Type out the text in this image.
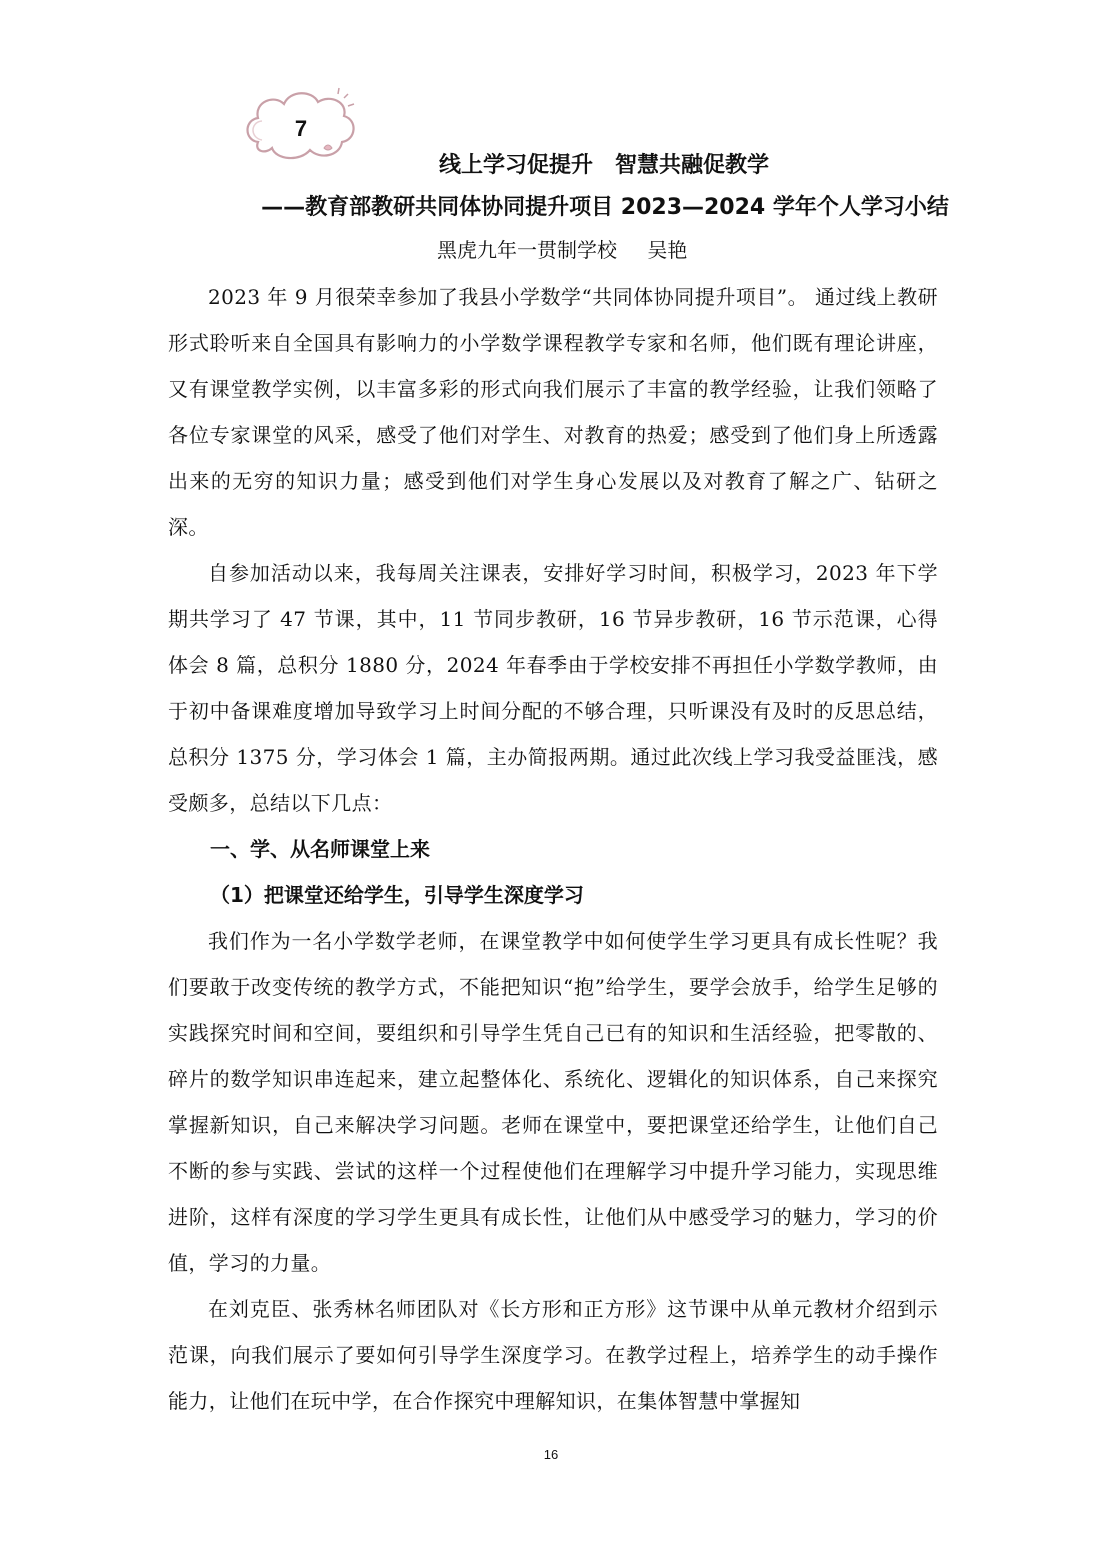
7
线上学习促提升　智慧共融促教学
——教育部教研共同体协同提升项目 2023—2024 学年个人学习小结
黑虎九年一贯制学校 吴艳

2023 年 9 月很荣幸参加了我县小学数学“共同体协同提升项目”。 通过线上教研形式聆听来自全国具有影响力的小学数学课程教学专家和名师，他们既有理论讲座，又有课堂教学实例，以丰富多彩的形式向我们展示了丰富的教学经验，让我们领略了各位专家课堂的风采，感受了他们对学生、对教育的热爱；感受到了他们身上所透露出来的无穷的知识力量；感受到他们对学生身心发展以及对教育了解之广、钻研之深。

自参加活动以来，我每周关注课表，安排好学习时间，积极学习，2023 年下学期共学习了 47 节课，其中，11 节同步教研，16 节异步教研，16 节示范课，心得体会 8 篇，总积分 1880 分，2024 年春季由于学校安排不再担任小学数学教师，由于初中备课难度增加导致学习上时间分配的不够合理，只听课没有及时的反思总结，总积分 1375 分，学习体会 1 篇，主办简报两期。通过此次线上学习我受益匪浅，感受颇多，总结以下几点：

一、学、从名师课堂上来

（1）把课堂还给学生，引导学生深度学习

我们作为一名小学数学老师，在课堂教学中如何使学生学习更具有成长性呢？我们要敢于改变传统的教学方式，不能把知识“抱”给学生，要学会放手，给学生足够的实践探究时间和空间，要组织和引导学生凭自己已有的知识和生活经验，把零散的、碎片的数学知识串连起来，建立起整体化、系统化、逻辑化的知识体系，自己来探究掌握新知识，自己来解决学习问题。老师在课堂中，要把课堂还给学生，让他们自己不断的参与实践、尝试的这样一个过程使他们在理解学习中提升学习能力，实现思维进阶，这样有深度的学习学生更具有成长性，让他们从中感受学习的魅力，学习的价值，学习的力量。

在刘克臣、张秀林名师团队对《长方形和正方形》这节课中从单元教材介绍到示范课，向我们展示了要如何引导学生深度学习。在教学过程上，培养学生的动手操作能力，让他们在玩中学，在合作探究中理解知识，在集体智慧中掌握知

16
